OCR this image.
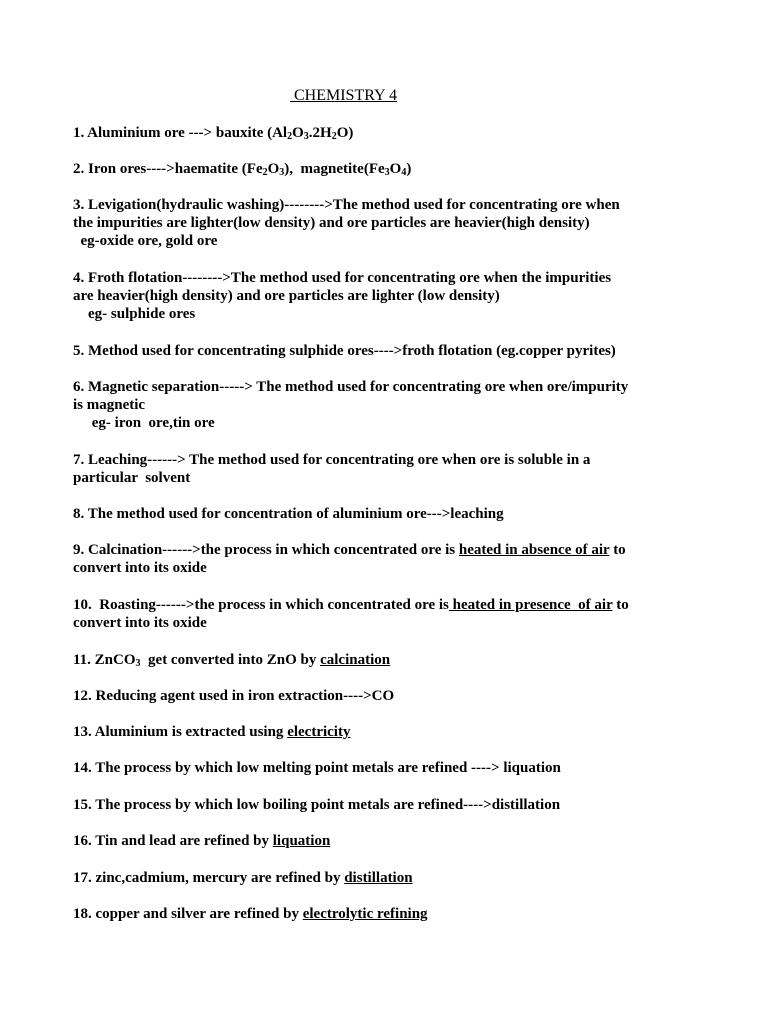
CHEMISTRY 4
1. Aluminium ore ---> bauxite $(Al_2O_3.2H_2O)$
2. Iron ores---->haematite $(Fe_2O_3)$,  $magnetite(Fe_3O_4)$
3. Levigation(hydraulic washing)-------->The method used for concentrating ore when
the impurities are lighter(low density) and ore particles are heavier(high density)
eg-oxide ore, gold ore
4. Froth flotation-------->The method used for concentrating ore when the impurities
are heavier(high density) and ore particles are lighter (low density)
eg- sulphide ores
5. Method used for concentrating sulphide ores---->froth flotation (eg.copper pyrites)
6. Magnetic separation-----> The method used for concentrating ore when ore/impurity
is magnetic
eg- iron  ore,tin ore
7. Leaching------> The method used for concentrating ore when ore is soluble in a
particular  solvent
8. The method used for concentration of aluminium ore--->leaching
9. Calcination------>the process in which concentrated ore is heated in absence of air to
convert into its oxide
10.  Roasting------>the process in which concentrated ore is heated in presence  of air to
convert into its oxide
11. ZnCO$_3$  get converted into ZnO by calcination
12. Reducing agent used in iron extraction---->CO
13. Aluminium is extracted using electricity
14. The process by which low melting point metals are refined ----> liquation
15. The process by which low boiling point metals are refined---->distillation
16. Tin and lead are refined by liquation
17. zinc,cadmium, mercury are refined by distillation
18. copper and silver are refined by electrolytic refining
